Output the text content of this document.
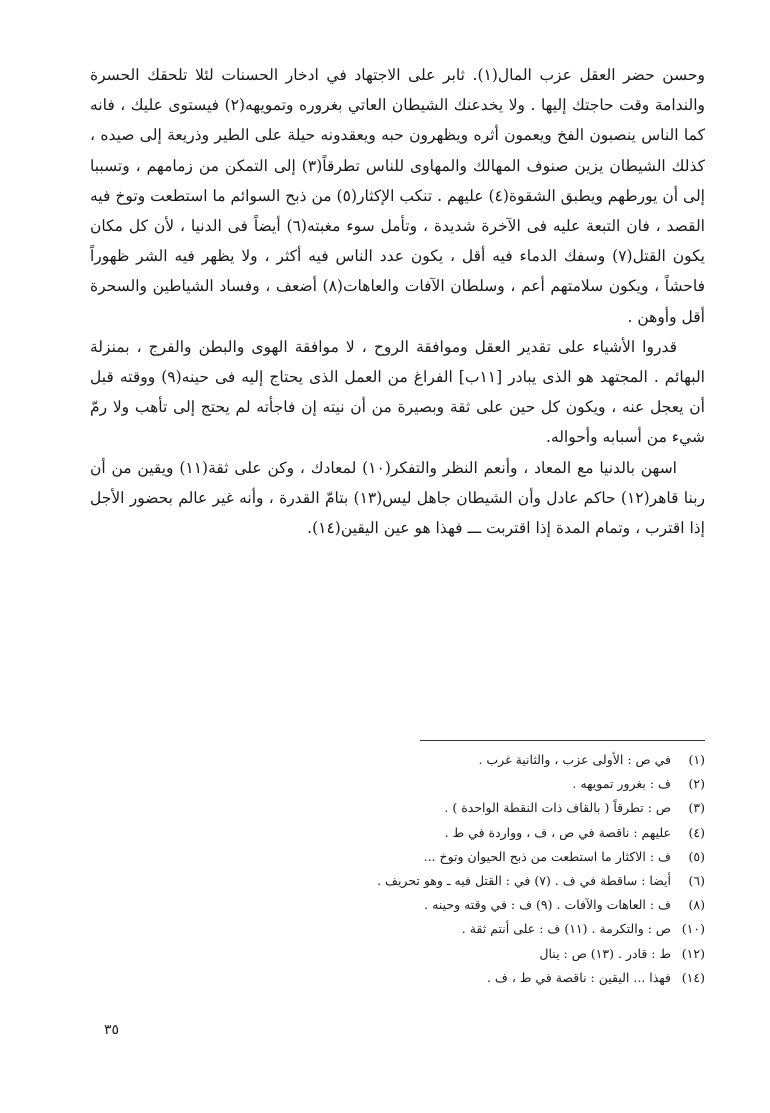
وحسن حضر العقل عزب المال(١). ثابر على الاجتهاد في ادخار الحسنات لئلا تلحقك الحسرة والندامة وقت حاجتك إليها . ولا يخدعنك الشيطان العاتي بغروره وتمويهه(٢) فيستوى عليك ، فانه كما الناس ينصبون الفخ ويعمون أثره ويظهرون حبه ويعقدونه حيلة على الطير وذريعة إلى صيده ، كذلك الشيطان يزين صنوف المهالك والمهاوى للناس تطرقاً(٣) إلى التمكن من زمامهم ، وتسببا إلى أن يورطهم ويطبق الشقوة(٤) عليهم . تنكب الإكثار(٥) من ذبح السوائم ما استطعت وتوخ فيه القصد ، فان التبعة عليه فى الآخرة شديدة ، وتأمل سوء مغبته(٦) أيضاً فى الدنيا ، لأن كل مكان يكون القتل(٧) وسفك الدماء فيه أقل ، يكون عدد الناس فيه أكثر ، ولا يظهر فيه الشر ظهوراً فاحشاً ، ويكون سلامتهم أعم ، وسلطان الآفات والعاهات(٨) أضعف ، وفساد الشياطين والسحرة أقل وأوهن .

قدروا الأشياء على تقدير العقل وموافقة الروح ، لا موافقة الهوى والبطن والفرج ، بمنزلة البهائم . المجتهد هو الذى يبادر [١١ب] الفراغ من العمل الذى يحتاج إليه فى حينه(٩) ووقته قبل أن يعجل عنه ، ويكون كل حين على ثقة وبصيرة من أن نيته إن فاجأته لم يحتج إلى تأهب ولا رمّ شيء من أسبابه وأحواله.

اسهن بالدنيا مع المعاد ، وأنعم النظر والتفكر(١٠) لمعادك ، وكن على ثقة(١١) ويقين من أن ربنا قاهر(١٢) حاكم عادل وأن الشيطان جاهل ليس(١٣) بتامّ القدرة ، وأنه غير عالم بحضور الأجل إذا اقترب ، وتمام المدة إذا اقتربت ـــ فهذا هو عين اليقين(١٤).

(١) في ص : الأولى عزب ، والثانية غرب .
(٢) ف : بغرور تمويهه .
(٣) ص : تطرقاً ( بالقاف ذات النقطة الواحدة ) .
(٤) عليهم : ناقصة في ص ، ف ، وواردة في ط .
(٥) ف : الاكثار ما استطعت من ذبح الحيوان وتوخ ...
(٦) أيضا : ساقطة في ف . (٧) في : القتل فيه ـ وهو تحريف .
(٨) ف : العاهات والآفات . (٩) ف : في وقته وحينه .
(١٠) ص : والتكرمة . (١١) ف : على أنتم ثقة .
(١٢) ط : قادر . (١٣) ص : ينال
(١٤) فهذا ... اليقين : ناقصة في ط ، ف .
٣٥
